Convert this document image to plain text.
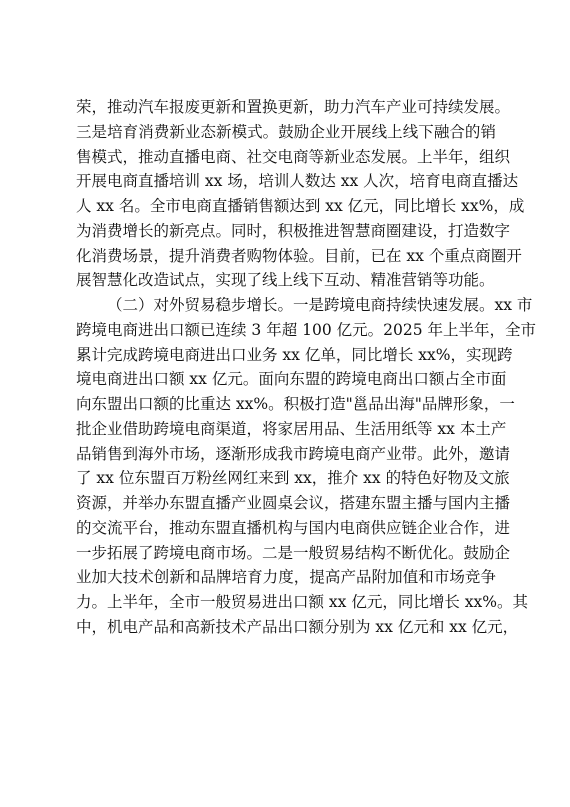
荣，推动汽车报废更新和置换更新，助力汽车产业可持续发展。
三是培育消费新业态新模式。鼓励企业开展线上线下融合的销
售模式，推动直播电商、社交电商等新业态发展。上半年，组织
开展电商直播培训 xx 场，培训人数达 xx 人次，培育电商直播达
人 xx 名。全市电商直播销售额达到 xx 亿元，同比增长 xx%，成
为消费增长的新亮点。同时，积极推进智慧商圈建设，打造数字
化消费场景，提升消费者购物体验。目前，已在 xx 个重点商圈开
展智慧化改造试点，实现了线上线下互动、精准营销等功能。
（二）对外贸易稳步增长。一是跨境电商持续快速发展。xx 市
跨境电商进出口额已连续 3 年超 100 亿元。2025 年上半年，全市
累计完成跨境电商进出口业务 xx 亿单，同比增长 xx%，实现跨
境电商进出口额 xx 亿元。面向东盟的跨境电商出口额占全市面
向东盟出口额的比重达 xx%。积极打造"邕品出海"品牌形象，一
批企业借助跨境电商渠道，将家居用品、生活用纸等 xx 本土产
品销售到海外市场，逐渐形成我市跨境电商产业带。此外，邀请
了 xx 位东盟百万粉丝网红来到 xx，推介 xx 的特色好物及文旅
资源，并举办东盟直播产业圆桌会议，搭建东盟主播与国内主播
的交流平台，推动东盟直播机构与国内电商供应链企业合作，进
一步拓展了跨境电商市场。二是一般贸易结构不断优化。鼓励企
业加大技术创新和品牌培育力度，提高产品附加值和市场竞争
力。上半年，全市一般贸易进出口额 xx 亿元，同比增长 xx%。其
中，机电产品和高新技术产品出口额分别为 xx 亿元和 xx 亿元，
